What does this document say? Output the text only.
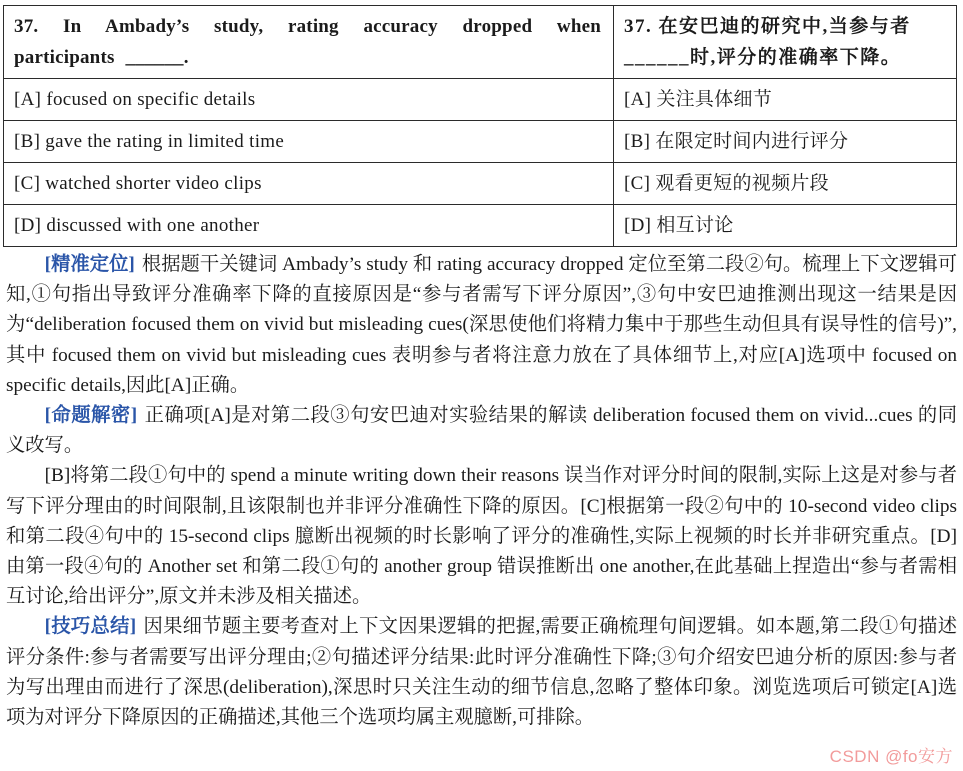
37. In Ambady’s study, rating accuracy dropped when participants ______.	37. 在安巴迪的研究中,当参与者______时,评分的准确率下降。
[A] focused on specific details	[A] 关注具体细节
[B] gave the rating in limited time	[B] 在限定时间内进行评分
[C] watched shorter video clips	[C] 观看更短的视频片段
[D] discussed with one another	[D] 相互讨论

[精准定位] 根据题干关键词 Ambady’s study 和 rating accuracy dropped 定位至第二段②句。梳理上下文逻辑可知,①句指出导致评分准确率下降的直接原因是“参与者需写下评分原因”,③句中安巴迪推测出现这一结果是因为“deliberation focused them on vivid but misleading cues(深思使他们将精力集中于那些生动但具有误导性的信号)”,其中 focused them on vivid but misleading cues 表明参与者将注意力放在了具体细节上,对应[A]选项中 focused on specific details,因此[A]正确。

[命题解密] 正确项[A]是对第二段③句安巴迪对实验结果的解读 deliberation focused them on vivid...cues 的同义改写。

[B]将第二段①句中的 spend a minute writing down their reasons 误当作对评分时间的限制,实际上这是对参与者写下评分理由的时间限制,且该限制也并非评分准确性下降的原因。[C]根据第一段②句中的 10-second video clips 和第二段④句中的 15-second clips 臆断出视频的时长影响了评分的准确性,实际上视频的时长并非研究重点。[D]由第一段④句的 Another set 和第二段①句的 another group 错误推断出 one another,在此基础上捏造出“参与者需相互讨论,给出评分”,原文并未涉及相关描述。

[技巧总结] 因果细节题主要考查对上下文因果逻辑的把握,需要正确梳理句间逻辑。如本题,第二段①句描述评分条件:参与者需要写出评分理由;②句描述评分结果:此时评分准确性下降;③句介绍安巴迪分析的原因:参与者为写出理由而进行了深思(deliberation),深思时只关注生动的细节信息,忽略了整体印象。浏览选项后可锁定[A]选项为对评分下降原因的正确描述,其他三个选项均属主观臆断,可排除。

CSDN @fo安方
